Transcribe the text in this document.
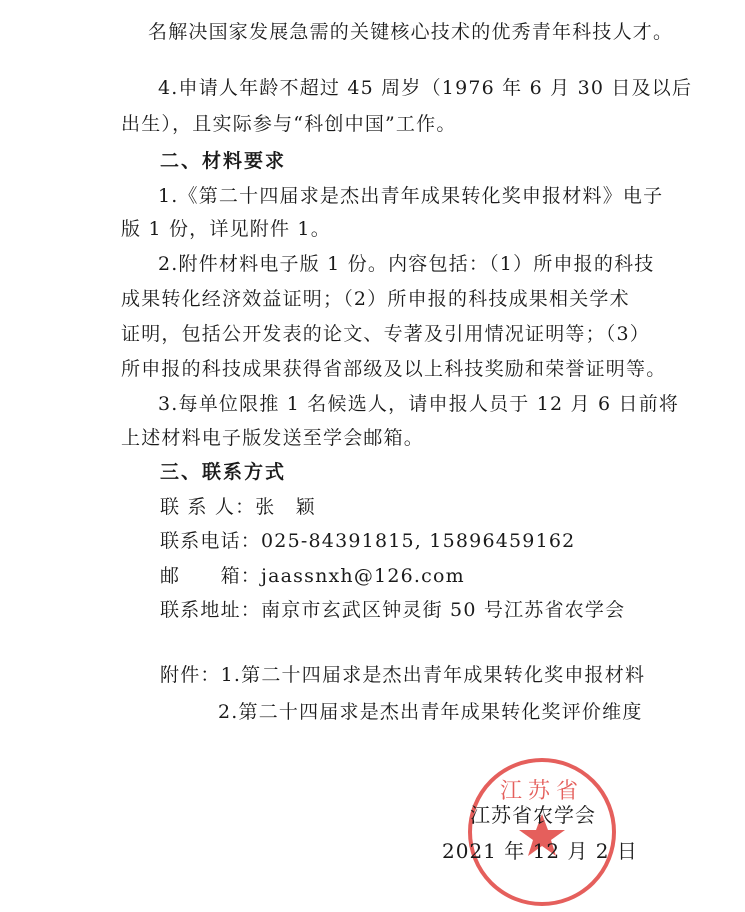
名解决国家发展急需的关键核心技术的优秀青年科技人才。
4.申请人年龄不超过 45 周岁（1976 年 6 月 30 日及以后
出生），且实际参与“科创中国”工作。
二、材料要求
1.《第二十四届求是杰出青年成果转化奖申报材料》电子
版 1 份，详见附件 1。
2.附件材料电子版 1 份。内容包括：（1）所申报的科技
成果转化经济效益证明；（2）所申报的科技成果相关学术
证明，包括公开发表的论文、专著及引用情况证明等；（3）
所申报的科技成果获得省部级及以上科技奖励和荣誉证明等。
3.每单位限推 1 名候选人，请申报人员于 12 月 6 日前将
上述材料电子版发送至学会邮箱。
三、联系方式
联 系 人：张　颖
联系电话：025-84391815, 15896459162
邮　　箱：jaassnxh@126.com
联系地址：南京市玄武区钟灵街 50 号江苏省农学会
附件：1.第二十四届求是杰出青年成果转化奖申报材料
2.第二十四届求是杰出青年成果转化奖评价维度
江苏省
江苏省农学会
2021 年 12 月 2 日
